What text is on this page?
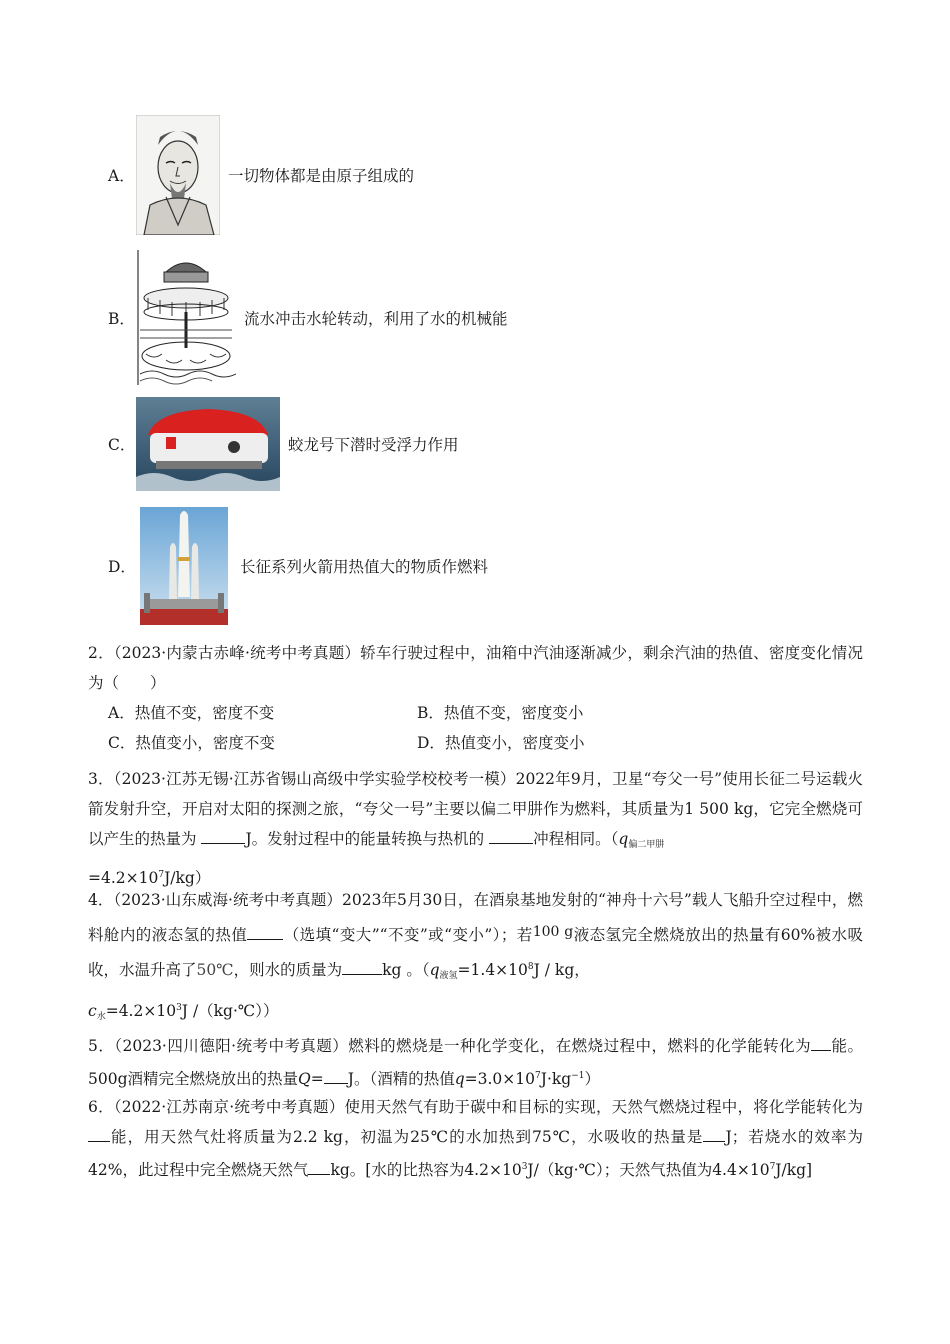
A．	一切物体都是由原子组成的
B．	流水冲击水轮转动，利用了水的机械能
C．	蛟龙号下潜时受浮力作用
D．	长征系列火箭用热值大的物质作燃料
2．（2023·内蒙古赤峰·统考中考真题）轿车行驶过程中，油箱中汽油逐渐减少，剩余汽油的热值、密度变化情况为（　　）
A．热值不变，密度不变	B．热值不变，密度变小
C．热值变小，密度不变	D．热值变小，密度变小
3．（2023·江苏无锡·江苏省锡山高级中学实验学校校考一模）2022年9月，卫星“夸父一号”使用长征二号运载火箭发射升空，开启对太阳的探测之旅，“夸父一号”主要以偏二甲肼作为燃料，其质量为1 500 kg，它完全燃烧可以产生的热量为	J。发射过程中的能量转换与热机的	冲程相同。（$q_{偏二甲肼}$
$=4.2\times 10^7J/kg$）
4．（2023·山东威海·统考中考真题）2023年5月30日，在酒泉基地发射的“神舟十六号”载人飞船升空过程中，燃料舱内的液态氢的热值 （选填“变大”“不变”或“变小”）；若100 g液态氢完全燃烧放出的热量有60%被水吸收，水温升高了50℃，则水的质量为	kg 。（$q_{液氢}=1.4\times 10^8J$ / kg，
$c_水=4.2\times 10^3J$ /（kg·℃））
5．（2023·四川德阳·统考中考真题）燃料的燃烧是一种化学变化，在燃烧过程中，燃料的化学能转化为 能。500g酒精完全燃烧放出的热量Q= J。（酒精的热值$q=3.0\times 10^7J\cdot kg^{-1}$）
6．（2022·江苏南京·统考中考真题）使用天然气有助于碳中和目标的实现，天然气燃烧过程中，将化学能转化为能，用天然气灶将质量为2.2 kg，初温为25℃的水加热到75℃，水吸收的热量是 J；若烧水的效率为42%，此过程中完全燃烧天然气 kg。[水的比热容为$4.2\times 10^3J/(kg\cdot℃)$；天然气热值为$4.4\times 10^7J/kg$]
